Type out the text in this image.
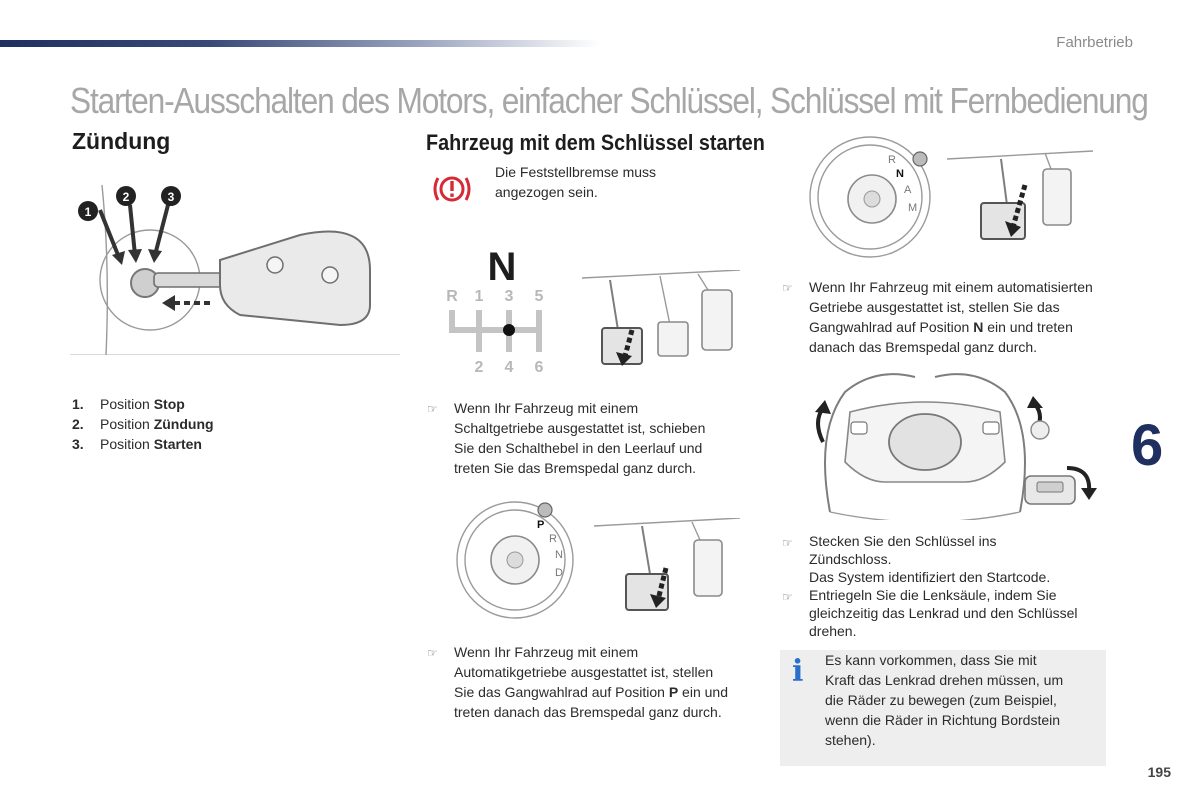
Fahrbetrieb
Starten-Ausschalten des Motors, einfacher Schlüssel, Schlüssel mit Fernbedienung
Zündung
1
2	3
1. Position Stop
2. Position Zündung
3. Position Starten
Fahrzeug mit dem Schlüssel starten
Die Feststellbremse muss
angezogen sein.
N
R 1 3 5
2 4 6
☞ Wenn Ihr Fahrzeug mit einem
Schaltgetriebe ausgestattet ist, schieben
Sie den Schalthebel in den Leerlauf und
treten Sie das Bremspedal ganz durch.
P
R
N
D
☞ Wenn Ihr Fahrzeug mit einem
Automatikgetriebe ausgestattet ist, stellen
Sie das Gangwahlrad auf Position P ein und
treten danach das Bremspedal ganz durch.
R
N
A
M
☞ Wenn Ihr Fahrzeug mit einem automatisierten
Getriebe ausgestattet ist, stellen Sie das
Gangwahlrad auf Position N ein und treten
danach das Bremspedal ganz durch.
☞ Stecken Sie den Schlüssel ins
Zündschloss.
Das System identifiziert den Startcode.
☞ Entriegeln Sie die Lenksäule, indem Sie
gleichzeitig das Lenkrad und den Schlüssel
drehen.
i Es kann vorkommen, dass Sie mit
Kraft das Lenkrad drehen müssen, um
die Räder zu bewegen (zum Beispiel,
wenn die Räder in Richtung Bordstein
stehen).
6
195
